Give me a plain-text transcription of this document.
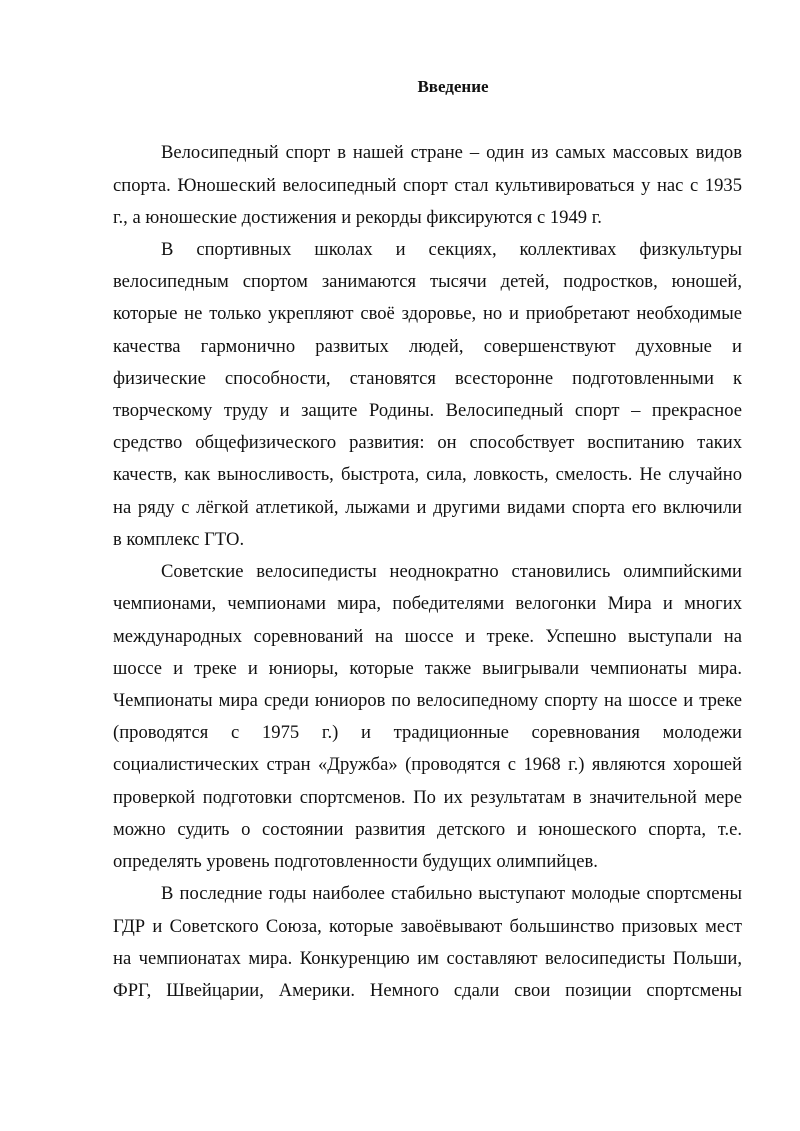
Введение
Велосипедный спорт в нашей стране – один из самых массовых видов
спорта. Юношеский велосипедный спорт стал культивироваться у нас с 1935
г., а юношеские достижения и рекорды фиксируются с 1949 г.
В спортивных школах и секциях, коллективах физкультуры
велосипедным спортом занимаются тысячи детей, подростков, юношей,
которые не только укрепляют своё здоровье, но и приобретают необходимые
качества гармонично развитых людей, совершенствуют духовные и
физические способности, становятся всесторонне подготовленными к
творческому труду и защите Родины. Велосипедный спорт – прекрасное
средство общефизического развития: он способствует воспитанию таких
качеств, как выносливость, быстрота, сила, ловкость, смелость. Не случайно
на ряду с лёгкой атлетикой, лыжами и другими видами спорта его включили
в комплекс ГТО.
Советские велосипедисты неоднократно становились олимпийскими
чемпионами, чемпионами мира, победителями велогонки Мира и многих
международных соревнований на шоссе и треке. Успешно выступали на
шоссе и треке и юниоры, которые также выигрывали чемпионаты мира.
Чемпионаты мира среди юниоров по велосипедному спорту на шоссе и треке
(проводятся с 1975 г.) и традиционные соревнования молодежи
социалистических стран «Дружба» (проводятся с 1968 г.) являются хорошей
проверкой подготовки спортсменов. По их результатам в значительной мере
можно судить о состоянии развития детского и юношеского спорта, т.е.
определять уровень подготовленности будущих олимпийцев.
В последние годы наиболее стабильно выступают молодые спортсмены
ГДР и Советского Союза, которые завоёвывают большинство призовых мест
на чемпионатах мира. Конкуренцию им составляют велосипедисты Польши,
ФРГ, Швейцарии, Америки. Немного сдали свои позиции спортсмены
